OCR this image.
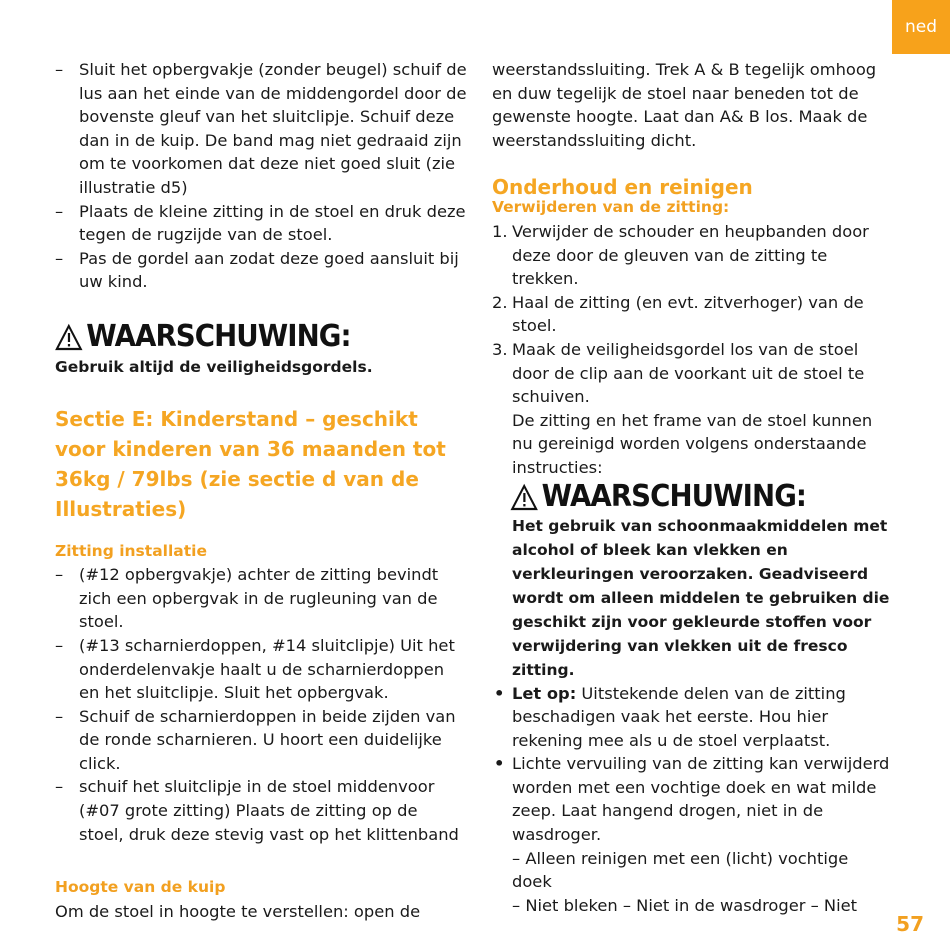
ned

– Sluit het opbergvakje (zonder beugel) schuif de lus aan het einde van de middengordel door de bovenste gleuf van het sluitclipje. Schuif deze dan in de kuip. De band mag niet gedraaid zijn om te voorkomen dat deze niet goed sluit (zie illustratie d5)

– Plaats de kleine zitting in de stoel en druk deze tegen de rugzijde van de stoel.

– Pas de gordel aan zodat deze goed aansluit bij uw kind.

WAARSCHUWING:

Gebruik altijd de veiligheidsgordels.

Sectie E: Kinderstand – geschikt voor kinderen van 36 maanden tot 36kg / 79lbs (zie sectie d van de Illustraties)

Zitting installatie

– (#12 opbergvakje) achter de zitting bevindt zich een opbergvak in de rugleuning van de stoel.

– (#13 scharnierdoppen, #14 sluitclipje) Uit het onderdelenvakje haalt u de scharnierdoppen en het sluitclipje. Sluit het opbergvak.

– Schuif de scharnierdoppen in beide zijden van de ronde scharnieren. U hoort een duidelijke click.

– schuif het sluitclipje in de stoel middenvoor (#07 grote zitting) Plaats de zitting op de stoel, druk deze stevig vast op het klittenband

Hoogte van de kuip

Om de stoel in hoogte te verstellen: open de

weerstandssluiting. Trek A & B tegelijk omhoog en duw tegelijk de stoel naar beneden tot de gewenste hoogte. Laat dan A& B los. Maak de weerstandssluiting dicht.

Onderhoud en reinigen

Verwijderen van de zitting:

1. Verwijder de schouder en heupbanden door deze door de gleuven van de zitting te trekken.

2. Haal de zitting (en evt. zitverhoger) van de stoel.

3. Maak de veiligheidsgordel los van de stoel door de clip aan de voorkant uit de stoel te schuiven.

De zitting en het frame van de stoel kunnen nu gereinigd worden volgens onderstaande instructies:

WAARSCHUWING:

Het gebruik van schoonmaakmiddelen met alcohol of bleek kan vlekken en verkleuringen veroorzaken. Geadviseerd wordt om alleen middelen te gebruiken die geschikt zijn voor gekleurde stoffen voor verwijdering van vlekken uit de fresco zitting.

• Let op: Uitstekende delen van de zitting beschadigen vaak het eerste. Hou hier rekening mee als u de stoel verplaatst.

• Lichte vervuiling van de zitting kan verwijderd worden met een vochtige doek en wat milde zeep. Laat hangend drogen, niet in de wasdroger.

– Alleen reinigen met een (licht) vochtige doek

– Niet bleken – Niet in de wasdroger – Niet

57
